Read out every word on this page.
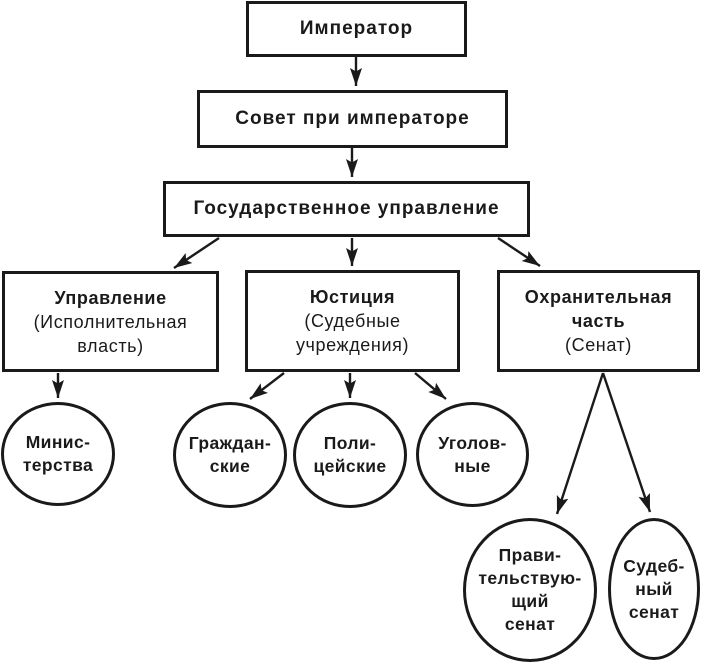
Император
Совет при императоре
Государственное управление
Управление
(Исполнительная
власть)
Юстиция
(Судебные
учреждения)
Охранительная
часть
(Сенат)
Минис-
терства
Граждан-
ские
Поли-
цейские
Уголов-
ные
Прави-
тельствую-
щий
сенат
Судеб-
ный
сенат
